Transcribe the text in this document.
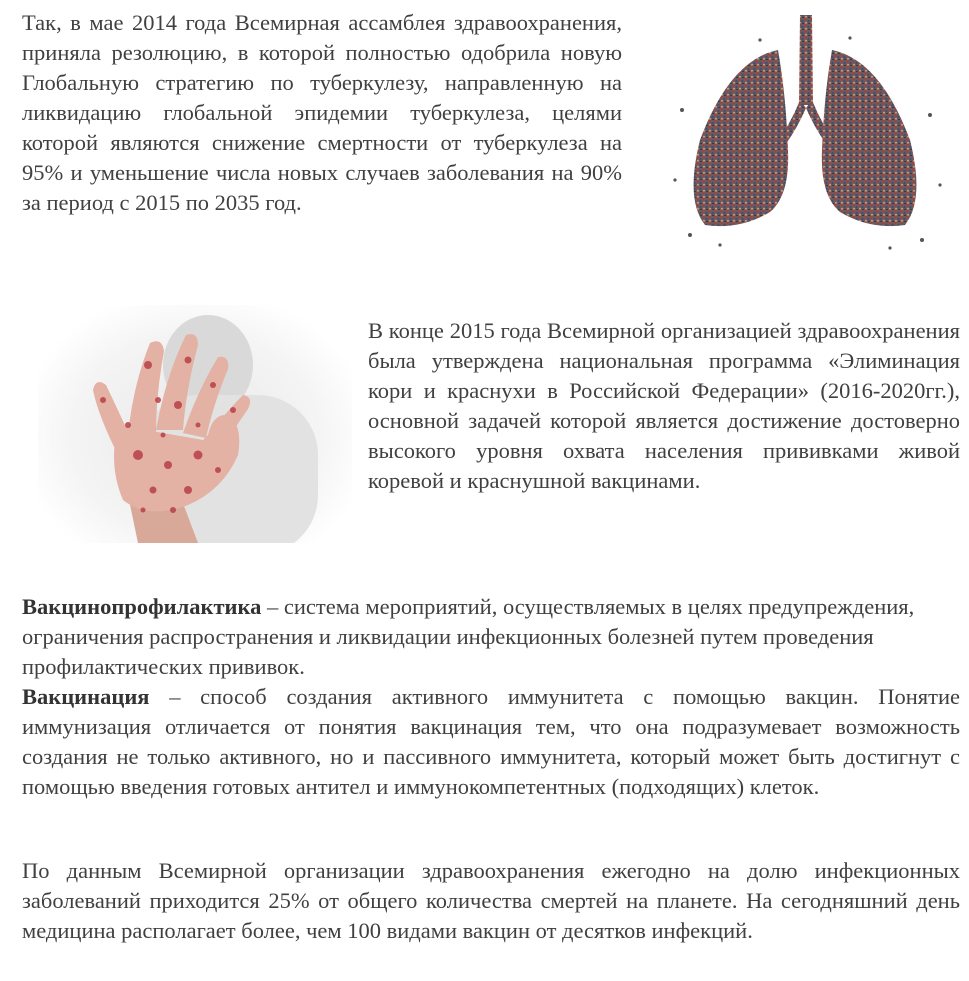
Так, в мае 2014 года Всемирная ассамблея здравоохранения, приняла резолюцию, в которой полностью одобрила новую Глобальную стратегию по туберкулезу, направленную на ликвидацию глобальной эпидемии туберкулеза, целями которой являются снижение смертности от туберкулеза на 95% и уменьшение числа новых случаев заболевания на 90% за период с 2015 по 2035 год.

В конце 2015 года Всемирной организацией здравоохранения была утверждена национальная программа «Элиминация кори и краснухи в Российской Федерации» (2016-2020гг.), основной задачей которой является достижение достоверно высокого уровня охвата населения прививками живой коревой и краснушной вакцинами.

Вакцинопрофилактика – система мероприятий, осуществляемых в целях предупреждения, ограничения распространения и ликвидации инфекционных болезней путем проведения профилактических прививок.

Вакцинация – способ создания активного иммунитета с помощью вакцин. Понятие иммунизация отличается от понятия вакцинация тем, что она подразумевает возможность создания не только активного, но и пассивного иммунитета, который может быть достигнут с помощью введения готовых антител и иммунокомпетентных (подходящих) клеток.

По данным Всемирной организации здравоохранения ежегодно на долю инфекционных заболеваний приходится 25% от общего количества смертей на планете. На сегодняшний день медицина располагает более, чем 100 видами вакцин от десятков инфекций.
